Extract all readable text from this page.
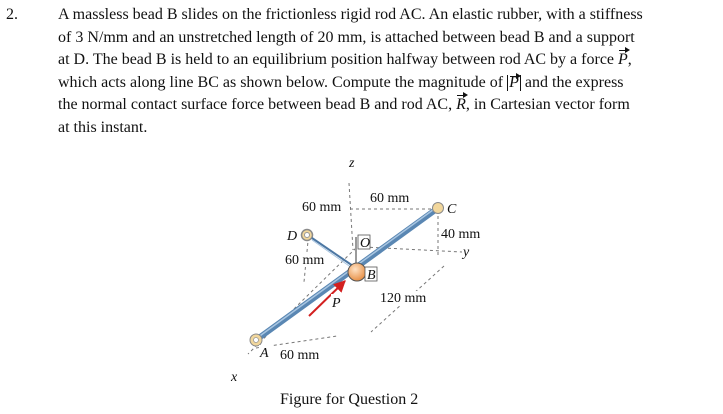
2.	A massless bead B slides on the frictionless rigid rod AC. An elastic rubber, with a stiffness
of 3 N/mm and an unstretched length of 20 mm, is attached between bead B and a support
at D. The bead B is held to an equilibrium position halfway between rod AC by a force P,
which acts along line BC as shown below. Compute the magnitude of P and the express
the normal contact surface force between bead B and rod AC, R, in Cartesian vector form
at this instant.
z
y
x
O
B
P
C
D
A
60 mm
60 mm
40 mm
60 mm
120 mm
60 mm
Figure for Question 2
